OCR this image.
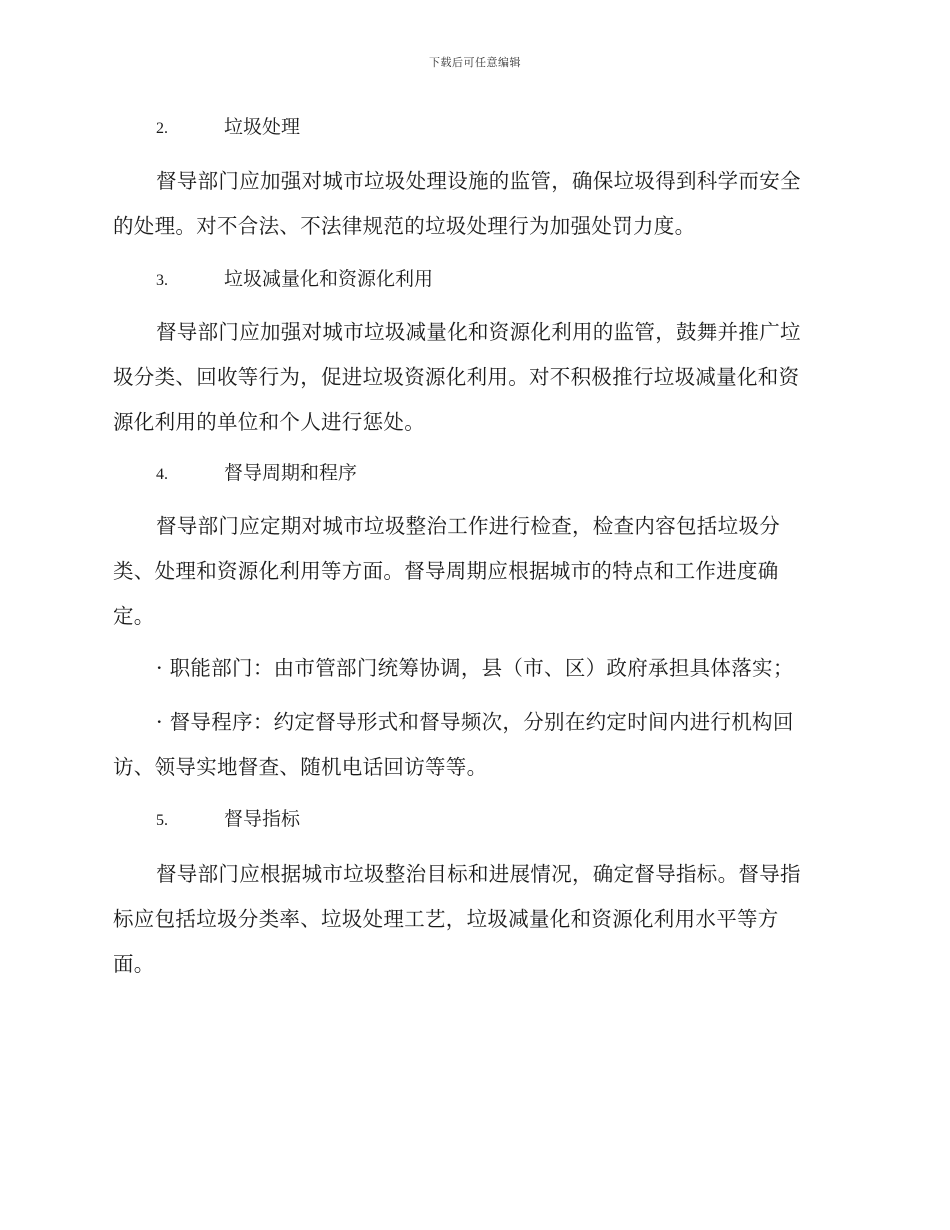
下载后可任意编辑
2.	垃圾处理
督导部门应加强对城市垃圾处理设施的监管，确保垃圾得到科学而安全
的处理。对不合法、不法律规范的垃圾处理行为加强处罚力度。
3.	垃圾减量化和资源化利用
督导部门应加强对城市垃圾减量化和资源化利用的监管，鼓舞并推广垃
圾分类、回收等行为，促进垃圾资源化利用。对不积极推行垃圾减量化和资
源化利用的单位和个人进行惩处。
4.	督导周期和程序
督导部门应定期对城市垃圾整治工作进行检查，检查内容包括垃圾分
类、处理和资源化利用等方面。督导周期应根据城市的特点和工作进度确
定。
· 职能部门：由市管部门统筹协调，县（市、区）政府承担具体落实；
· 督导程序：约定督导形式和督导频次，分别在约定时间内进行机构回
访、领导实地督查、随机电话回访等等。
5.	督导指标
督导部门应根据城市垃圾整治目标和进展情况，确定督导指标。督导指
标应包括垃圾分类率、垃圾处理工艺，垃圾减量化和资源化利用水平等方
面。
